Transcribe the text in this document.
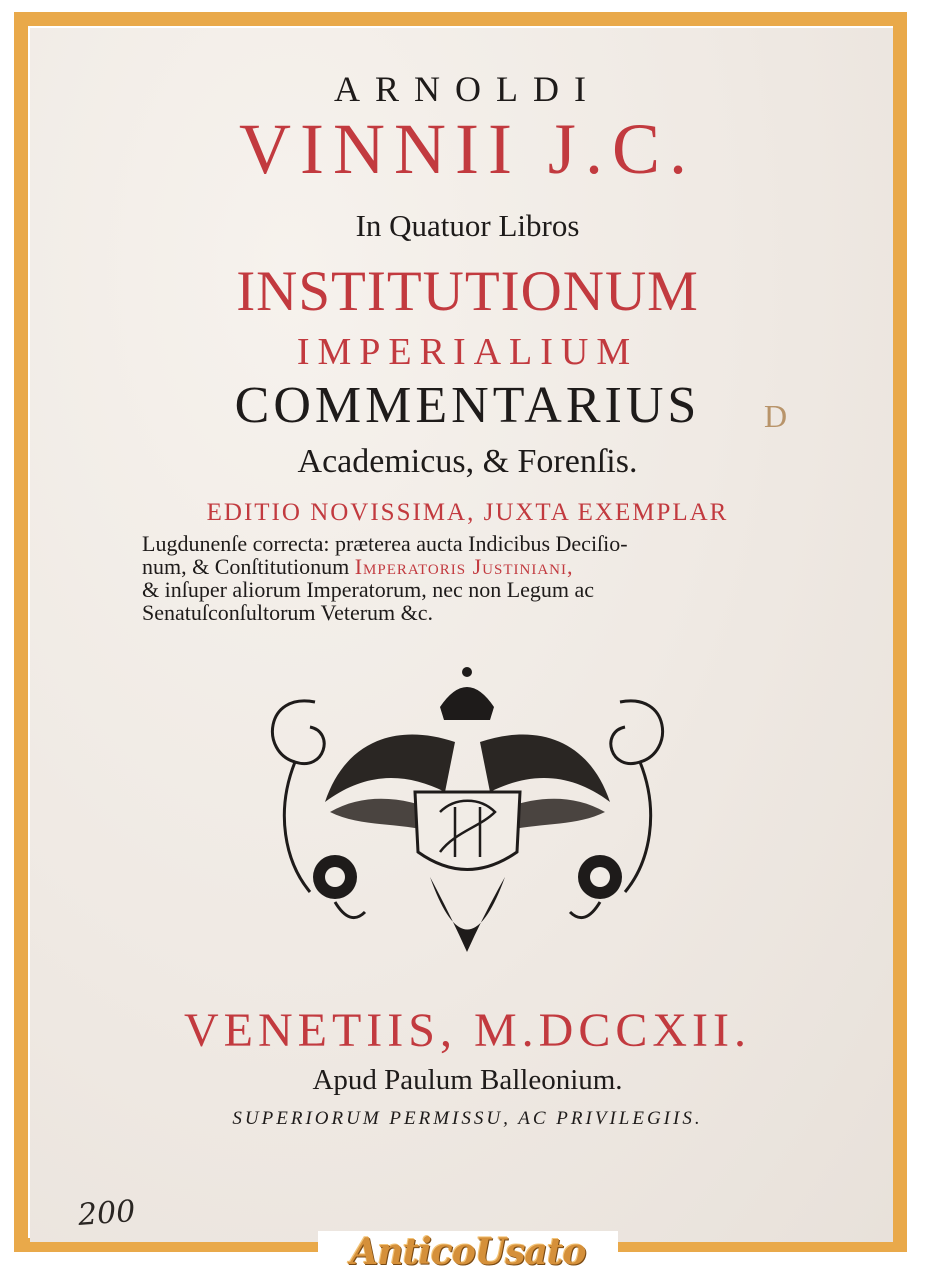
ARNOLDI
VINNII J.C.
In Quatuor Libros
INSTITUTIONUM
IMPERIALIUM
COMMENTARIUS	D
Academicus, & Forenſis.
EDITIO NOVISSIMA, JUXTA EXEMPLAR
Lugdunenſe correcta: præterea aucta Indicibus Deciſio-
num, & Conſtitutionum Imperatoris Justiniani,
& inſuper aliorum Imperatorum, nec non Legum ac
Senatuſconſultorum Veterum &c.
VENETIIS, M.DCCXII.
Apud Paulum Balleonium.
SUPERIORUM PERMISSU, AC PRIVILEGIIS.
200
AnticoUsato
